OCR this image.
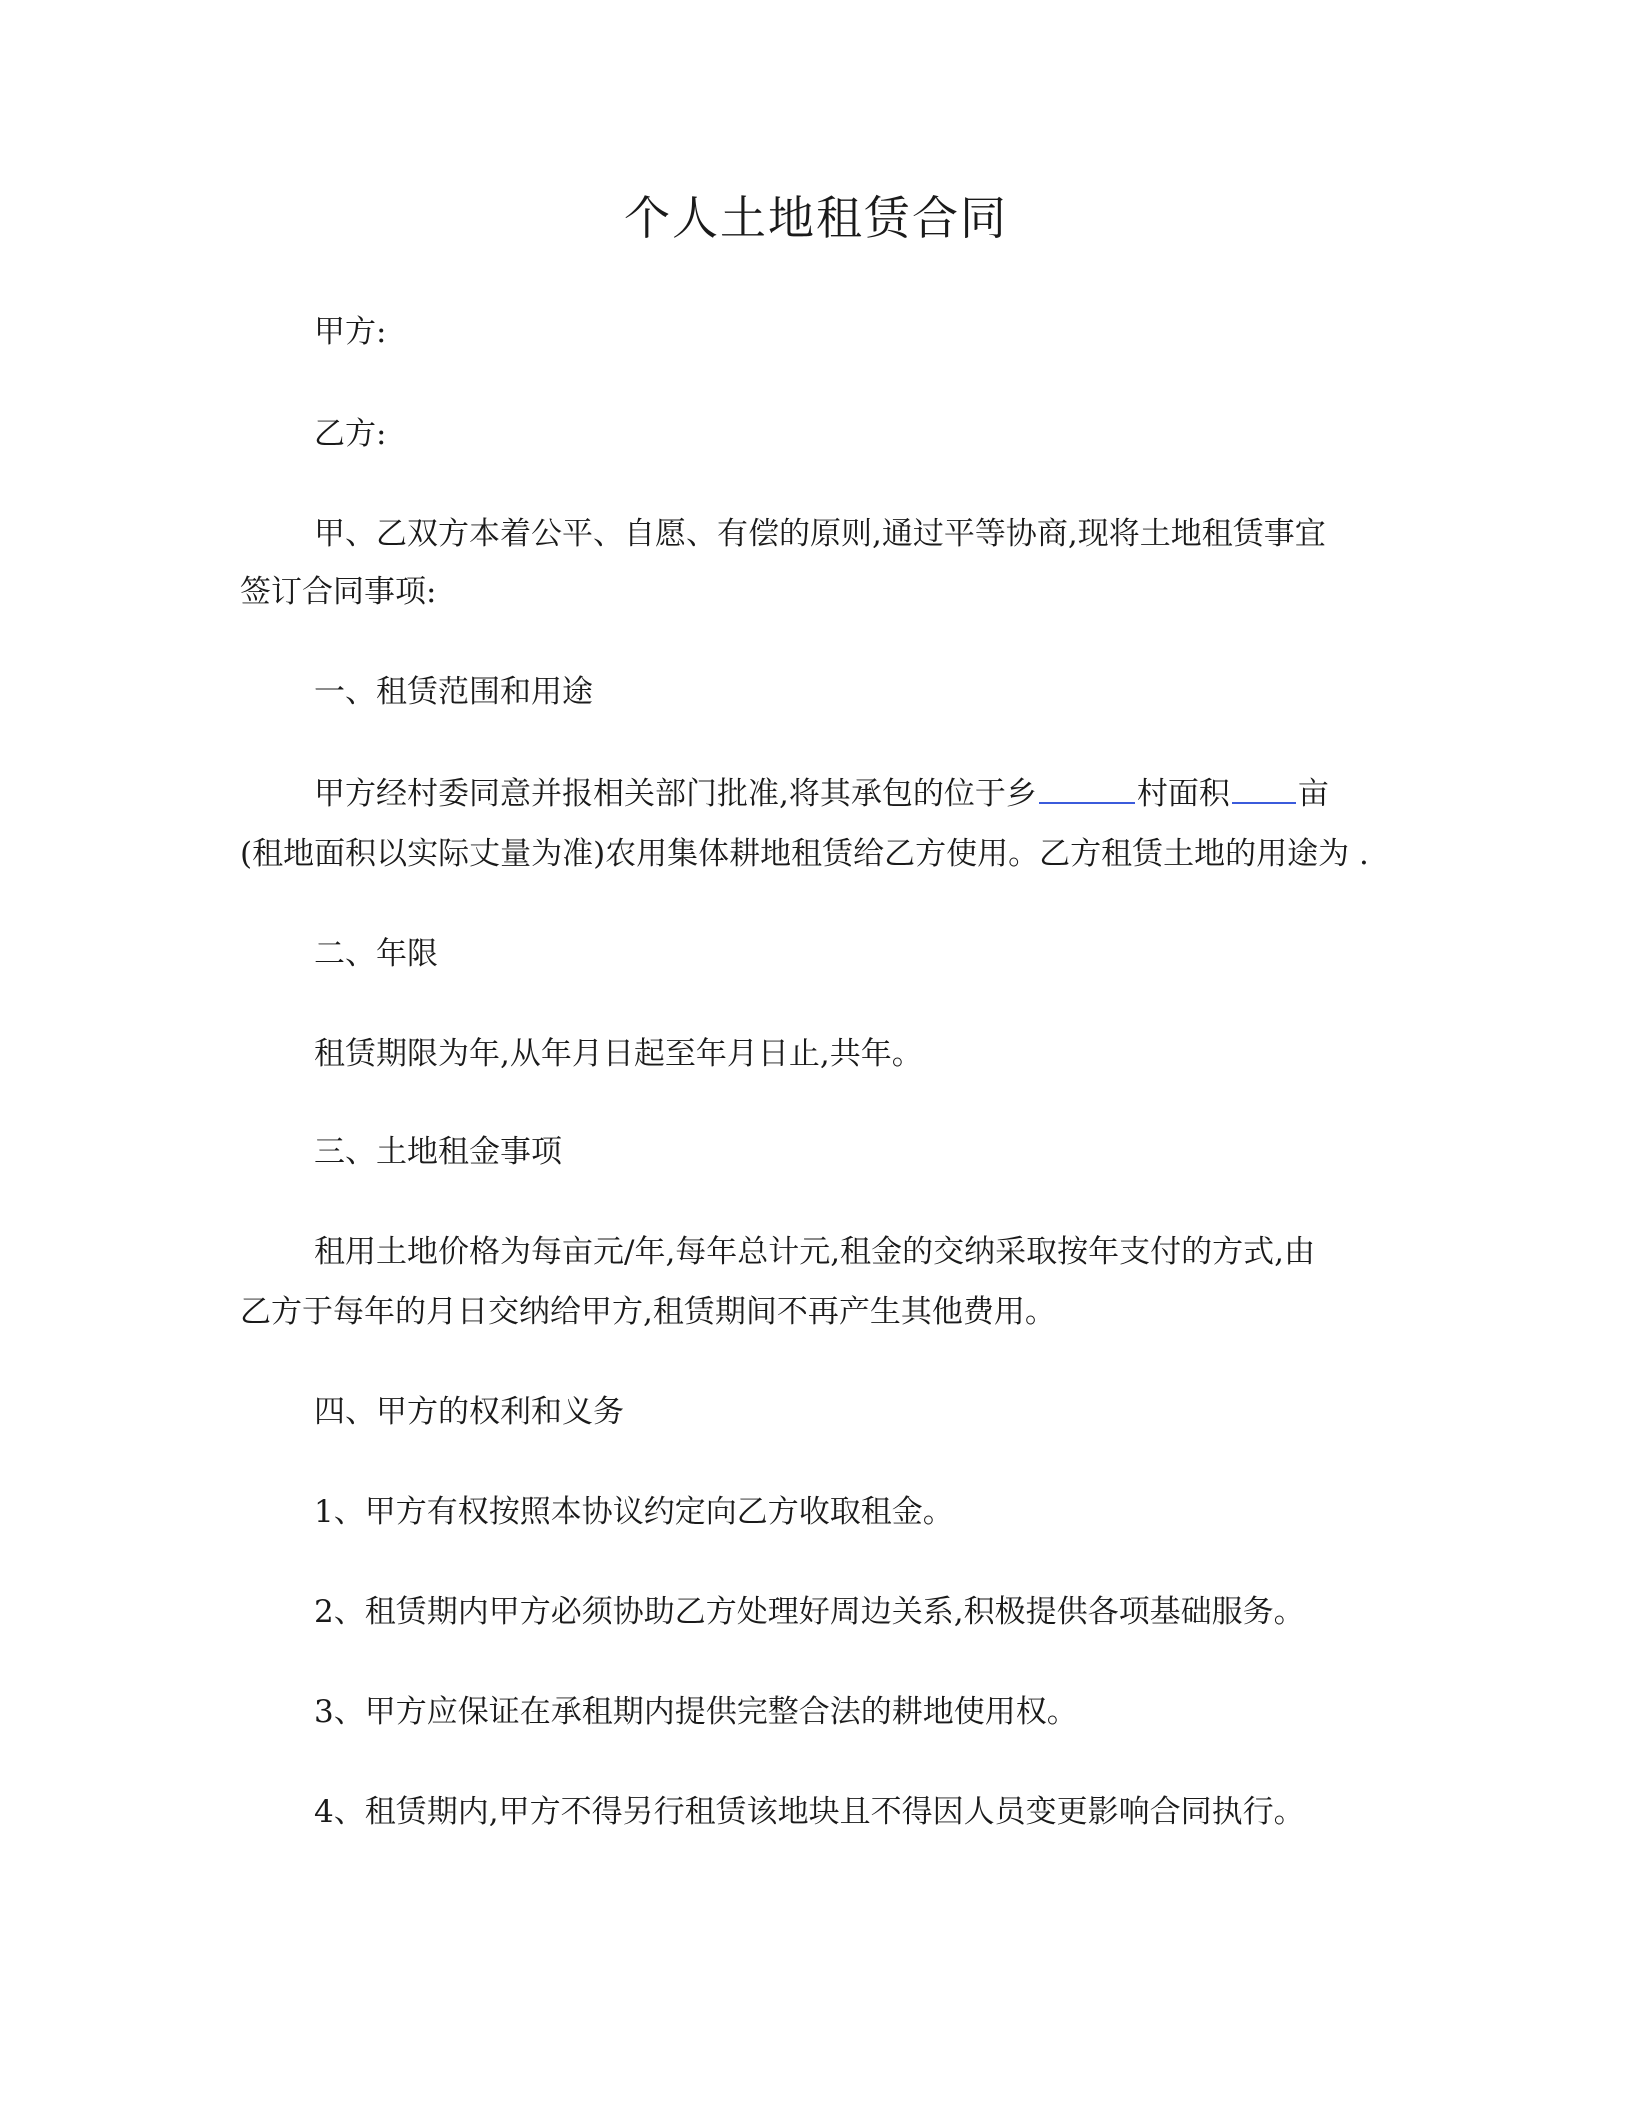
个人土地租赁合同
甲方:
乙方:
甲、乙双方本着公平、自愿、有偿的原则,通过平等协商,现将土地租赁事宜
签订合同事项:
一、租赁范围和用途
甲方经村委同意并报相关部门批准,将其承包的位于乡	村面积 亩
(租地面积以实际丈量为准)农用集体耕地租赁给乙方使用。乙方租赁土地的用途为 .
二、年限
租赁期限为年,从年月日起至年月日止,共年。
三、土地租金事项
租用土地价格为每亩元/年,每年总计元,租金的交纳采取按年支付的方式,由
乙方于每年的月日交纳给甲方,租赁期间不再产生其他费用。
四、甲方的权利和义务
1、甲方有权按照本协议约定向乙方收取租金。
2、租赁期内甲方必须协助乙方处理好周边关系,积极提供各项基础服务。
3、甲方应保证在承租期内提供完整合法的耕地使用权。
4、租赁期内,甲方不得另行租赁该地块且不得因人员变更影响合同执行。
